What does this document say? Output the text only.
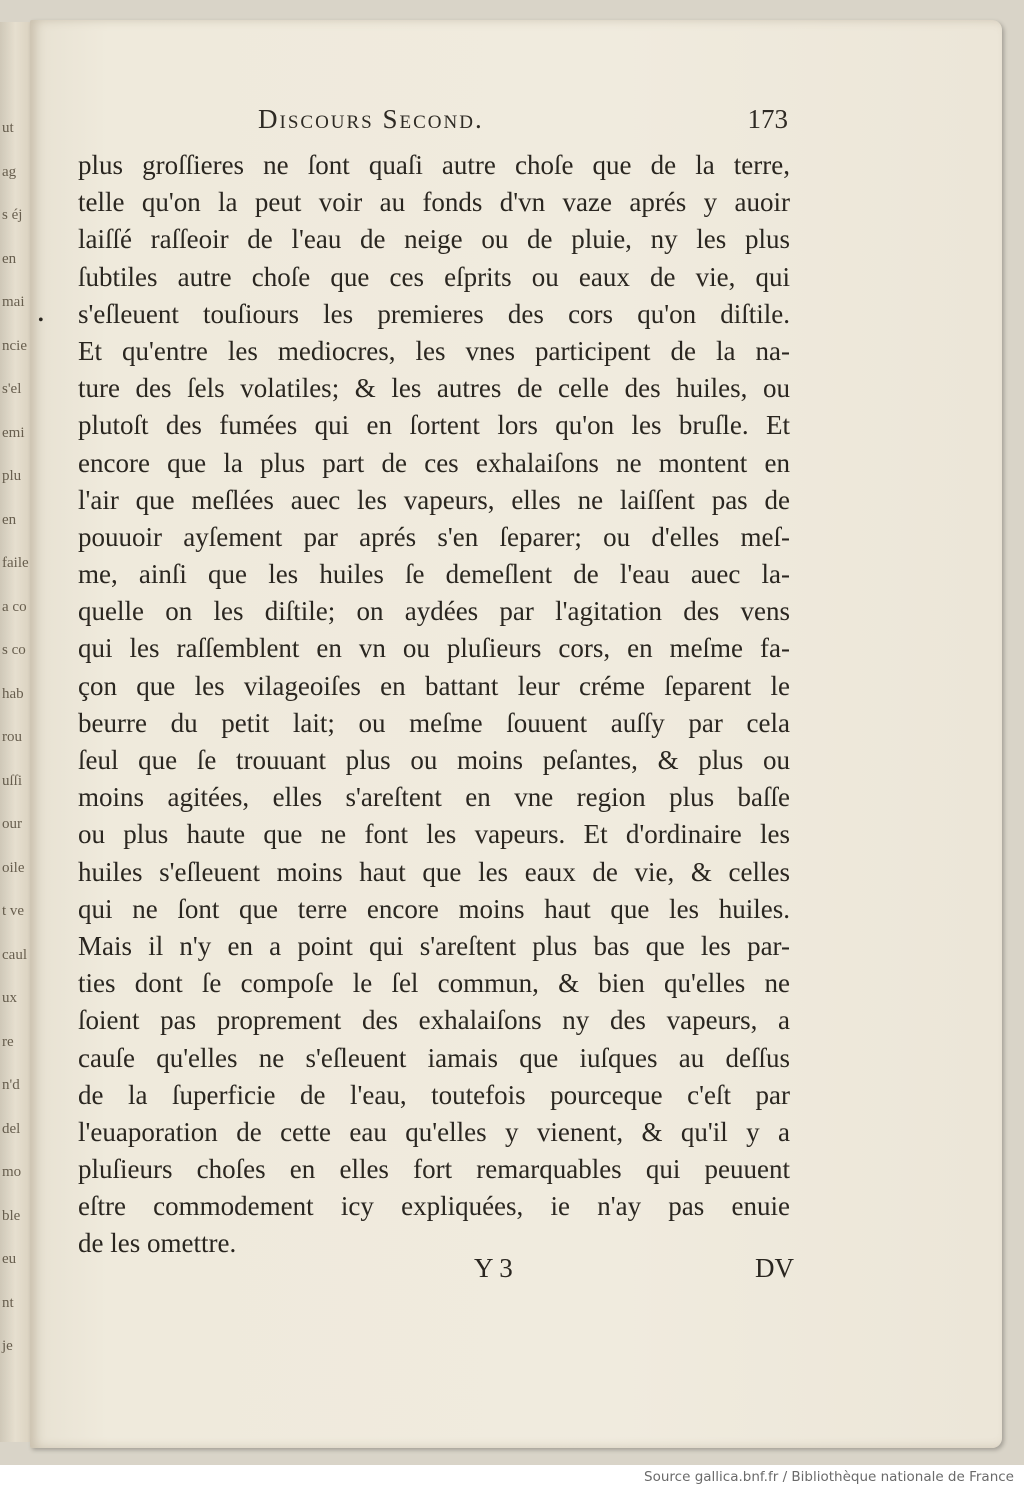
ut
ag
s éj
en
mai
ncie
s'el
emi
plu
en
faile
a co
s co
hab
rou
uſſi
our
oile
t ve
caul
ux
re
n'd
del
mo
ble
eu
nt
je
Discours Second.	173
plus groſſieres ne ſont quaſi autre choſe que de la terre,
telle qu'on la peut voir au fonds d'vn vaze aprés y auoir
laiſſé raſſeoir de l'eau de neige ou de pluie, ny les plus
ſubtiles autre choſe que ces eſprits ou eaux de vie, qui
s'eſleuent touſiours les premieres des cors qu'on diſtile.
Et qu'entre les mediocres, les vnes participent de la na-
ture des ſels volatiles; & les autres de celle des huiles, ou
plutoſt des fumées qui en ſortent lors qu'on les bruſle. Et
encore que la plus part de ces exhalaiſons ne montent en
l'air que meſlées auec les vapeurs, elles ne laiſſent pas de
pouuoir ayſement par aprés s'en ſeparer; ou d'elles meſ-
me, ainſi que les huiles ſe demeſlent de l'eau auec la-
quelle on les diſtile; on aydées par l'agitation des vens
qui les raſſemblent en vn ou pluſieurs cors, en meſme fa-
çon que les vilageoiſes en battant leur créme ſeparent le
beurre du petit lait; ou meſme ſouuent auſſy par cela
ſeul que ſe trouuant plus ou moins peſantes, & plus ou
moins agitées, elles s'areſtent en vne region plus baſſe
ou plus haute que ne font les vapeurs. Et d'ordinaire les
huiles s'eſleuent moins haut que les eaux de vie, & celles
qui ne ſont que terre encore moins haut que les huiles.
Mais il n'y en a point qui s'areſtent plus bas que les par-
ties dont ſe compoſe le ſel commun, & bien qu'elles ne
ſoient pas proprement des exhalaiſons ny des vapeurs, a
cauſe qu'elles ne s'eſleuent iamais que iuſques au deſſus
de la ſuperficie de l'eau, toutefois pourceque c'eſt par
l'euaporation de cette eau qu'elles y vienent, & qu'il y a
pluſieurs choſes en elles fort remarquables qui peuuent
eſtre commodement icy expliquées, ie n'ay pas enuie
de les omettre.
Y 3	DV
•
Source gallica.bnf.fr / Bibliothèque nationale de France
